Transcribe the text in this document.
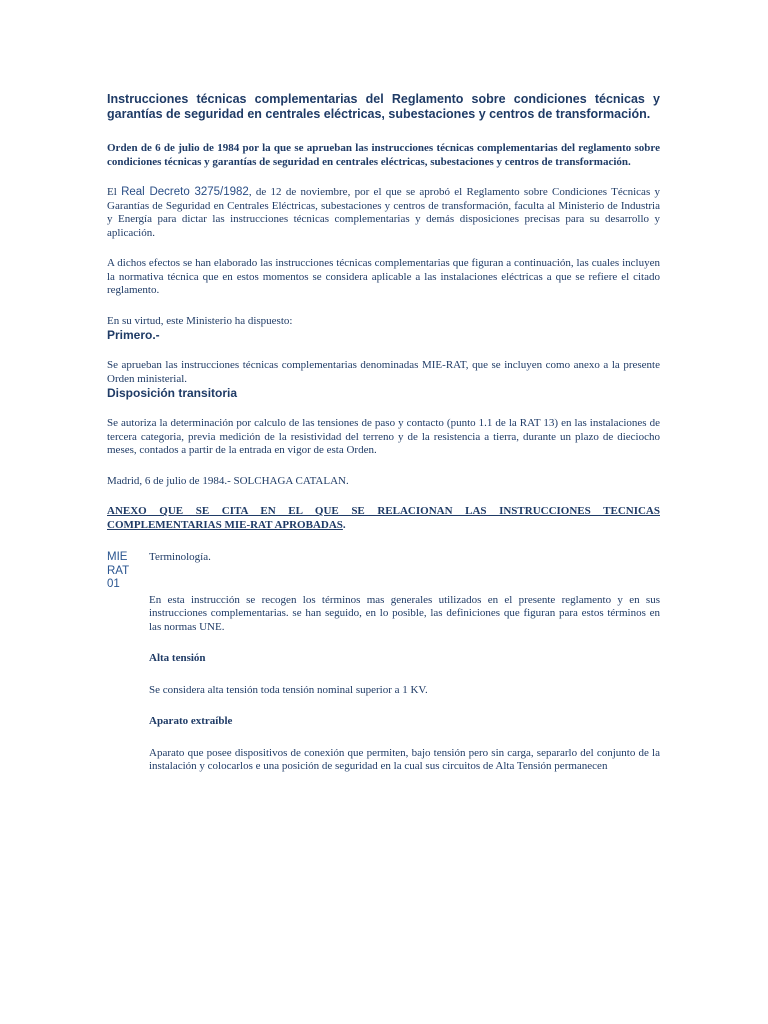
Instrucciones técnicas complementarias del Reglamento sobre condiciones técnicas y garantías de seguridad en centrales eléctricas, subestaciones y centros de transformación.

Orden de 6 de julio de 1984 por la que se aprueban las instrucciones técnicas complementarias del reglamento sobre condiciones técnicas y garantías de seguridad en centrales eléctricas, subestaciones y centros de transformación.

El Real Decreto 3275/1982, de 12 de noviembre, por el que se aprobó el Reglamento sobre Condiciones Técnicas y Garantías de Seguridad en Centrales Eléctricas, subestaciones y centros de transformación, faculta al Ministerio de Industria y Energía para dictar las instrucciones técnicas complementarias y demás disposiciones precisas para su desarrollo y aplicación.

A dichos efectos se han elaborado las instrucciones técnicas complementarias que figuran a continuación, las cuales incluyen la normativa técnica que en estos momentos se considera aplicable a las instalaciones eléctricas a que se refiere el citado reglamento.

En su virtud, este Ministerio ha dispuesto:

Primero.-

Se aprueban las instrucciones técnicas complementarias denominadas MIE-RAT, que se incluyen como anexo a la presente Orden ministerial.

Disposición transitoria

Se autoriza la determinación por calculo de las tensiones de paso y contacto (punto 1.1 de la RAT 13) en las instalaciones de tercera categoria, previa medición de la resistividad del terreno y de la resistencia a tierra, durante un plazo de dieciocho meses, contados a partir de la entrada en vigor de esta Orden.

Madrid, 6 de julio de 1984.- SOLCHAGA CATALAN.

ANEXO QUE SE CITA EN EL QUE SE RELACIONAN LAS INSTRUCCIONES TECNICAS COMPLEMENTARIAS MIE-RAT APROBADAS.

MIE
RAT
01

Terminología.

En esta instrucción se recogen los términos mas generales utilizados en el presente reglamento y en sus instrucciones complementarias. se han seguido, en lo posible, las definiciones que figuran para estos términos en las normas UNE.

Alta tensión

Se considera alta tensión toda tensión nominal superior a 1 KV.

Aparato extraíble

Aparato que posee dispositivos de conexión que permiten, bajo tensión pero sin carga, separarlo del conjunto de la instalación y colocarlos e una posición de seguridad en la cual sus circuitos de Alta Tensión permanecen
